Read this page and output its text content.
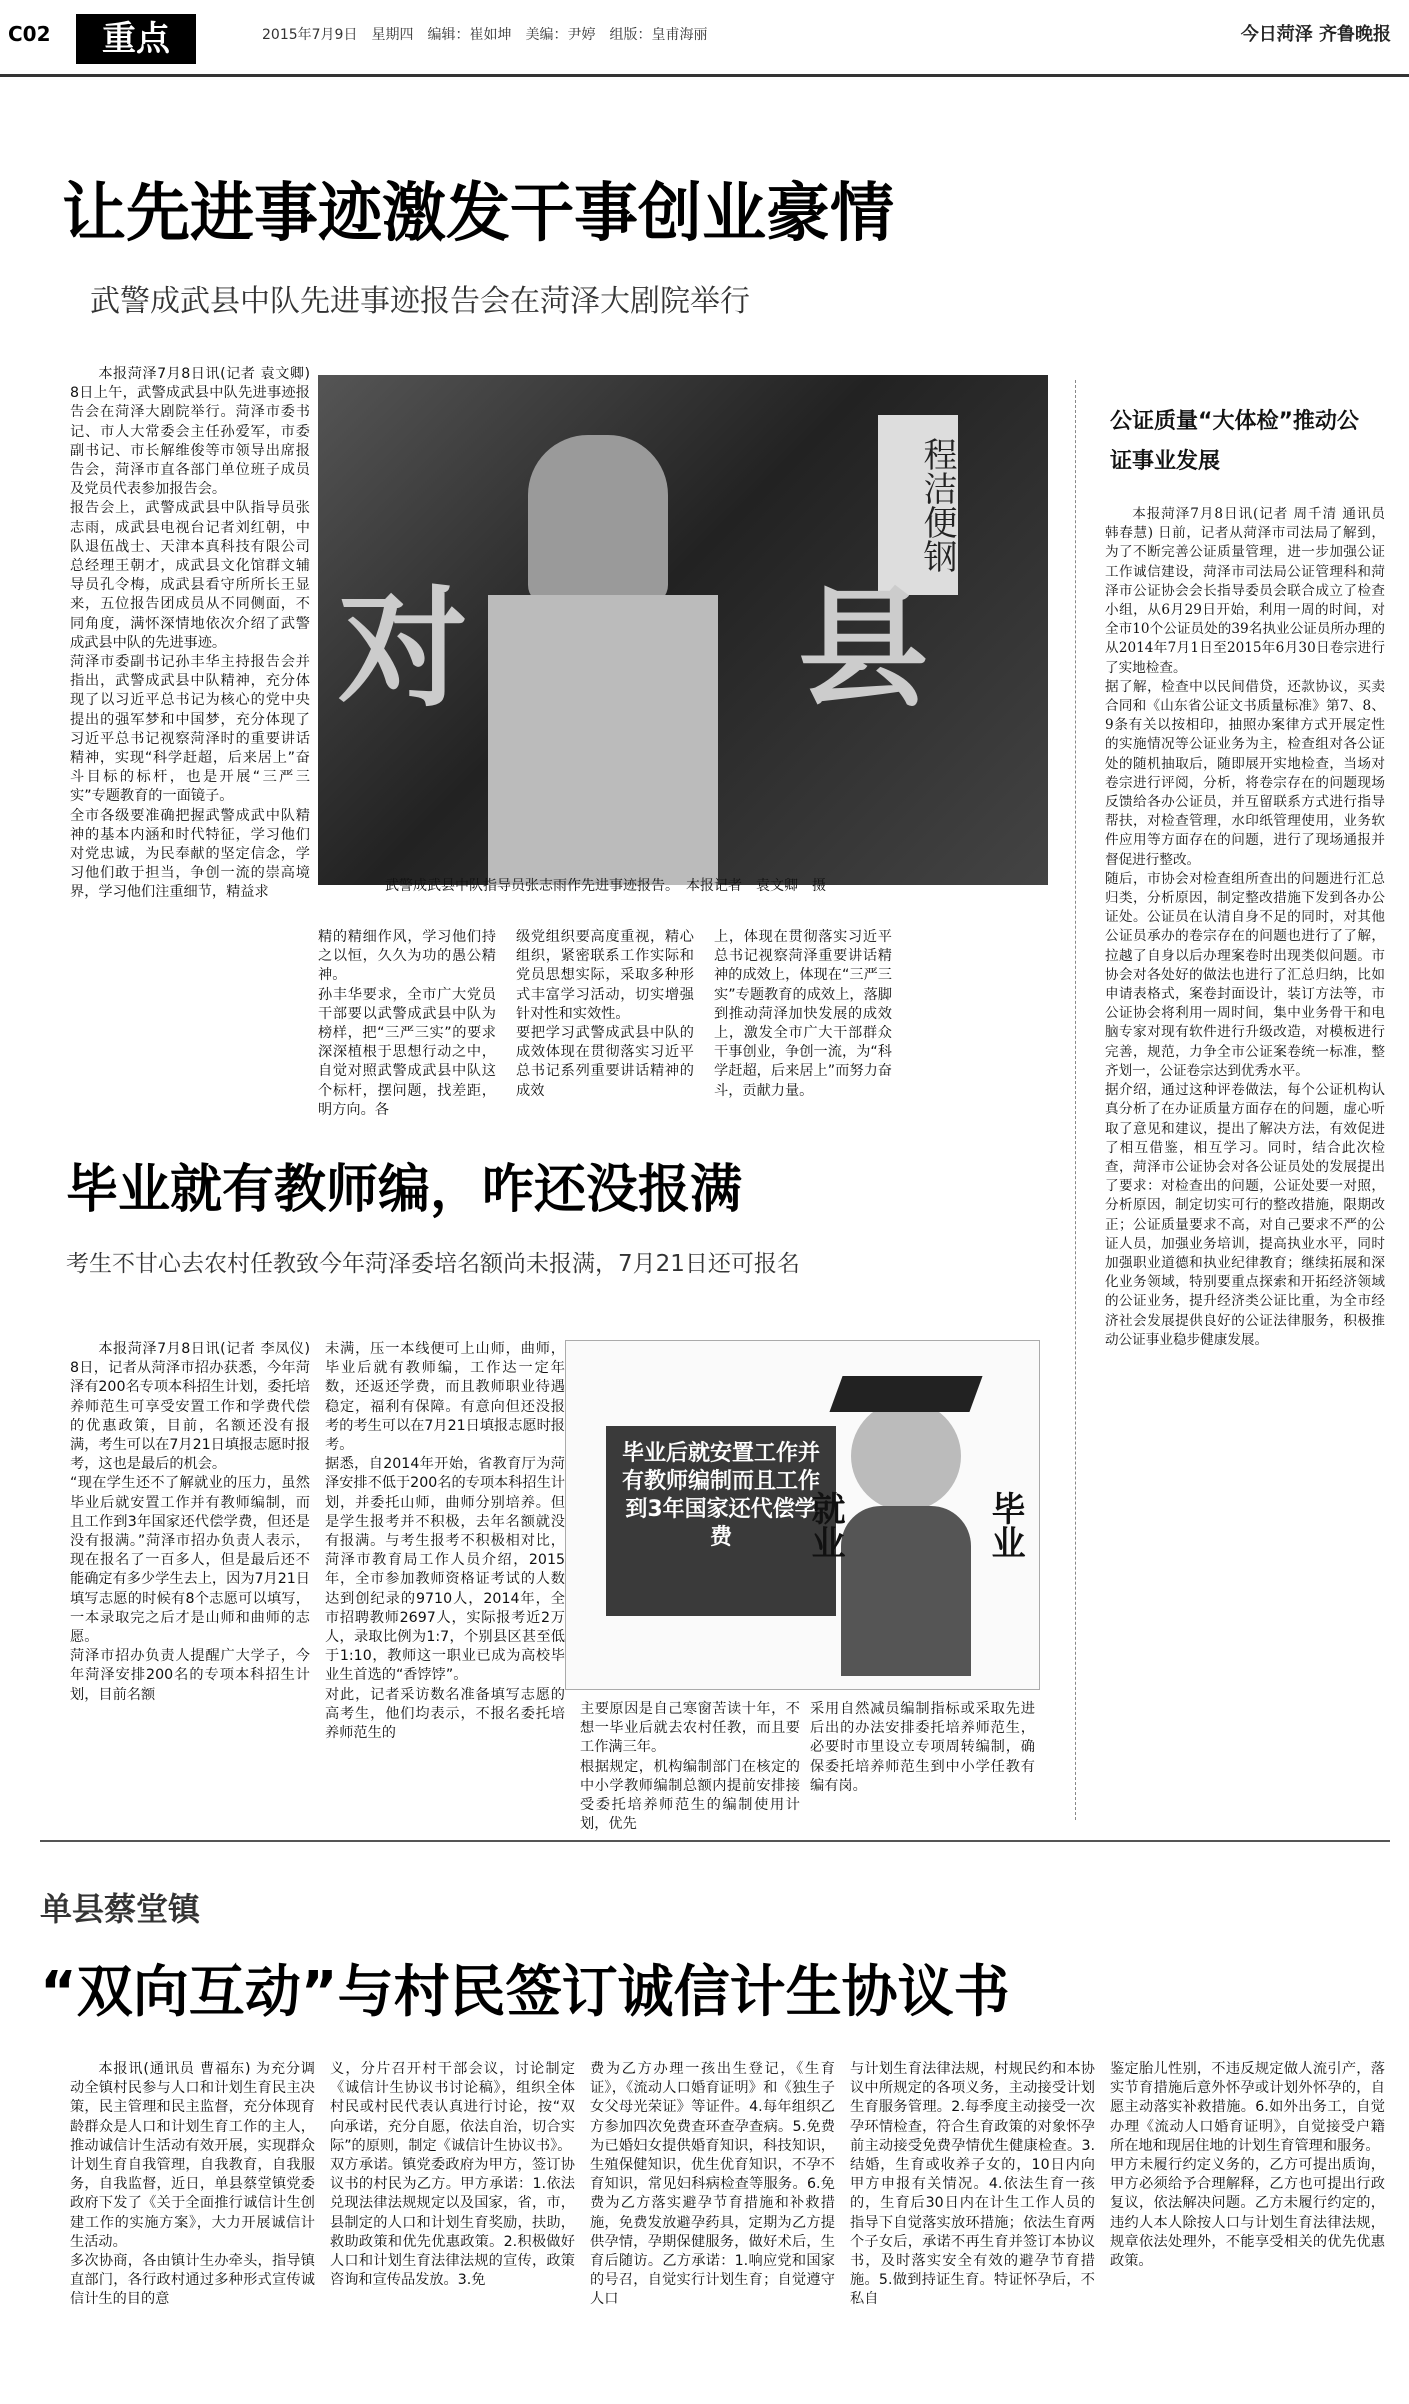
C02	重点	2015年7月9日　星期四　编辑：崔如坤　美编：尹婷　组版：皇甫海丽	今日菏泽 齐鲁晚报
让先进事迹激发干事创业豪情
武警成武县中队先进事迹报告会在菏泽大剧院举行

本报菏泽7月8日讯(记者 袁文卿) 8日上午，武警成武县中队先进事迹报告会在菏泽大剧院举行。菏泽市委书记、市人大常委会主任孙爱军，市委副书记、市长解维俊等市领导出席报告会，菏泽市直各部门单位班子成员及党员代表参加报告会。
报告会上，武警成武县中队指导员张志雨，成武县电视台记者刘红朝，中队退伍战士、天津本真科技有限公司总经理王朝才，成武县文化馆群文辅导员孔令梅，成武县看守所所长王显来，五位报告团成员从不同侧面，不同角度，满怀深情地依次介绍了武警成武县中队的先进事迹。
菏泽市委副书记孙丰华主持报告会并指出，武警成武县中队精神，充分体现了以习近平总书记为核心的党中央提出的强军梦和中国梦，充分体现了习近平总书记视察菏泽时的重要讲话精神，实现“科学赶超，后来居上”奋斗目标的标杆，也是开展“三严三实”专题教育的一面镜子。
全市各级要准确把握武警成武中队精神的基本内涵和时代特征，学习他们对党忠诚，为民奉献的坚定信念，学习他们敢于担当，争创一流的崇高境界，学习他们注重细节，精益求

程洁便钢
对	县
武警成武县中队指导员张志雨作先进事迹报告。　本报记者　袁文卿　摄

精的精细作风，学习他们持之以恒，久久为功的愚公精神。
孙丰华要求，全市广大党员干部要以武警成武县中队为榜样，把“三严三实”的要求深深植根于思想行动之中，自觉对照武警成武县中队这个标杆，摆问题，找差距，明方向。各

级党组织要高度重视，精心组织，紧密联系工作实际和党员思想实际，采取多种形式丰富学习活动，切实增强针对性和实效性。
要把学习武警成武县中队的成效体现在贯彻落实习近平总书记系列重要讲话精神的成效

上，体现在贯彻落实习近平总书记视察菏泽重要讲话精神的成效上，体现在“三严三实”专题教育的成效上，落脚到推动菏泽加快发展的成效上，激发全市广大干部群众干事创业，争创一流，为“科学赶超，后来居上”而努力奋斗，贡献力量。

公证质量“大体检”推动公证事业发展

本报菏泽7月8日讯(记者 周千清 通讯员 韩春慧) 日前，记者从菏泽市司法局了解到，为了不断完善公证质量管理，进一步加强公证工作诚信建设，菏泽市司法局公证管理科和菏泽市公证协会会长指导委员会联合成立了检查小组，从6月29日开始，利用一周的时间，对全市10个公证员处的39名执业公证员所办理的从2014年7月1日至2015年6月30日卷宗进行了实地检查。
据了解，检查中以民间借贷，还款协议，买卖合同和《山东省公证文书质量标准》第7、8、9条有关以按相印，抽照办案律方式开展定性的实施情况等公证业务为主，检查组对各公证处的随机抽取后，随即展开实地检查，当场对卷宗进行评阅，分析，将卷宗存在的问题现场反馈给各办公证员，并互留联系方式进行指导帮扶，对检查管理，水印纸管理使用，业务软件应用等方面存在的问题，进行了现场通报并督促进行整改。
随后，市协会对检查组所查出的问题进行汇总归类，分析原因，制定整改措施下发到各办公证处。公证员在认清自身不足的同时，对其他公证员承办的卷宗存在的问题也进行了了解，拉越了自身以后办理案卷时出现类似问题。市协会对各处好的做法也进行了汇总归纳，比如申请表格式，案卷封面设计，装订方法等，市公证协会将利用一周时间，集中业务骨干和电脑专家对现有软件进行升级改造，对模板进行完善，规范，力争全市公证案卷统一标准，整齐划一，公证卷宗达到优秀水平。
据介绍，通过这种评卷做法，每个公证机构认真分析了在办证质量方面存在的问题，虚心听取了意见和建议，提出了解决方法，有效促进了相互借鉴，相互学习。同时，结合此次检查，菏泽市公证协会对各公证员处的发展提出了要求：对检查出的问题，公证处要一对照，分析原因，制定切实可行的整改措施，限期改正；公证质量要求不高，对自己要求不严的公证人员，加强业务培训，提高执业水平，同时加强职业道德和执业纪律教育；继续拓展和深化业务领域，特别要重点探索和开拓经济领域的公证业务，提升经济类公证比重，为全市经济社会发展提供良好的公证法律服务，积极推动公证事业稳步健康发展。

毕业就有教师编，咋还没报满
考生不甘心去农村任教致今年菏泽委培名额尚未报满，7月21日还可报名

本报菏泽7月8日讯(记者 李凤仪) 8日，记者从菏泽市招办获悉，今年菏泽有200名专项本科招生计划，委托培养师范生可享受安置工作和学费代偿的优惠政策，目前，名额还没有报满，考生可以在7月21日填报志愿时报考，这也是最后的机会。
“现在学生还不了解就业的压力，虽然毕业后就安置工作并有教师编制，而且工作到3年国家还代偿学费，但还是没有报满。”菏泽市招办负责人表示，现在报名了一百多人，但是最后还不能确定有多少学生去上，因为7月21日填写志愿的时候有8个志愿可以填写，一本录取完之后才是山师和曲师的志愿。
菏泽市招办负责人提醒广大学子，今年菏泽安排200名的专项本科招生计划，目前名额

未满，压一本线便可上山师，曲师，毕业后就有教师编，工作达一定年数，还返还学费，而且教师职业待遇稳定，福利有保障。有意向但还没报考的考生可以在7月21日填报志愿时报考。
据悉，自2014年开始，省教育厅为菏泽安排不低于200名的专项本科招生计划，并委托山师，曲师分别培养。但是学生报考并不积极，去年名额就没有报满。与考生报考不积极相对比，菏泽市教育局工作人员介绍，2015年，全市参加教师资格证考试的人数达到创纪录的9710人，2014年，全市招聘教师2697人，实际报考近2万人，录取比例为1:7，个别县区甚至低于1:10，教师这一职业已成为高校毕业生首选的“香饽饽”。
对此，记者采访数名准备填写志愿的高考生，他们均表示，不报名委托培养师范生的

毕业后就安置工作并有教师编制而且工作到3年国家还代偿学费	就业	毕业

主要原因是自己寒窗苦读十年，不想一毕业后就去农村任教，而且要工作满三年。
根据规定，机构编制部门在核定的中小学教师编制总额内提前安排接受委托培养师范生的编制使用计划，优先

采用自然减员编制指标或采取先进后出的办法安排委托培养师范生，必要时市里设立专项周转编制，确保委托培养师范生到中小学任教有编有岗。

单县蔡堂镇
“双向互动”与村民签订诚信计生协议书

本报讯(通讯员 曹福东) 为充分调动全镇村民参与人口和计划生育民主决策，民主管理和民主监督，充分体现育龄群众是人口和计划生育工作的主人，推动诚信计生活动有效开展，实现群众计划生育自我管理，自我教育，自我服务，自我监督，近日，单县蔡堂镇党委政府下发了《关于全面推行诚信计生创建工作的实施方案》，大力开展诚信计生活动。
多次协商，各由镇计生办牵头，指导镇直部门，各行政村通过多种形式宣传诚信计生的目的意

义，分片召开村干部会议，讨论制定《诚信计生协议书讨论稿》，组织全体村民或村民代表认真进行讨论，按“双向承诺，充分自愿，依法自治，切合实际”的原则，制定《诚信计生协议书》。
双方承诺。镇党委政府为甲方，签订协议书的村民为乙方。甲方承诺：1.依法兑现法律法规规定以及国家，省，市，县制定的人口和计划生育奖励，扶助，救助政策和优先优惠政策。2.积极做好人口和计划生育法律法规的宣传，政策咨询和宣传品发放。3.免

费为乙方办理一孩出生登记，《生育证》，《流动人口婚育证明》和《独生子女父母光荣证》等证件。4.每年组织乙方参加四次免费查环查孕查病。5.免费为已婚妇女提供婚育知识，科技知识，生殖保健知识，优生优育知识，不孕不育知识，常见妇科病检查等服务。6.免费为乙方落实避孕节育措施和补救措施，免费发放避孕药具，定期为乙方提供孕情，孕期保健服务，做好术后，生育后随访。乙方承诺：1.响应党和国家的号召，自觉实行计划生育；自觉遵守人口

与计划生育法律法规，村规民约和本协议中所规定的各项义务，主动接受计划生育服务管理。2.每季度主动接受一次孕环情检查，符合生育政策的对象怀孕前主动接受免费孕情优生健康检查。3.结婚，生育或收养子女的，10日内向甲方申报有关情况。4.依法生育一孩的，生育后30日内在计生工作人员的指导下自觉落实放环措施；依法生育两个子女后，承诺不再生育并签订本协议书，及时落实安全有效的避孕节育措施。5.做到持证生育。特证怀孕后，不私自

鉴定胎儿性别，不违反规定做人流引产，落实节育措施后意外怀孕或计划外怀孕的，自愿主动落实补救措施。6.如外出务工，自觉办理《流动人口婚育证明》，自觉接受户籍所在地和现居住地的计划生育管理和服务。
甲方未履行约定义务的，乙方可提出质询，甲方必须给予合理解释，乙方也可提出行政复议，依法解决问题。乙方未履行约定的，违约人本人除按人口与计划生育法律法规，规章依法处理外，不能享受相关的优先优惠政策。
